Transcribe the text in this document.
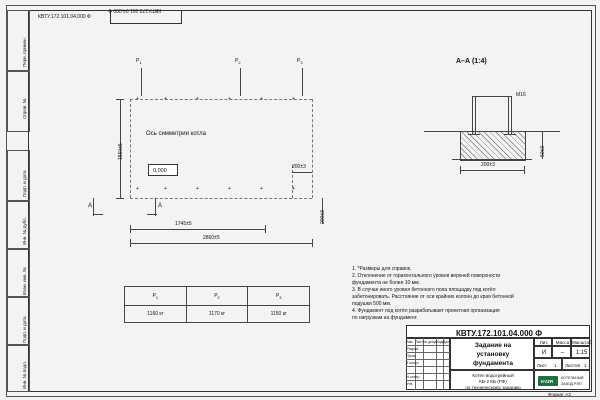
Перв. примен.
Справ. №
Подп. и дата
Инв. № дубл.
Взам. инв. №
Подп. и дата
Инв. № подл.
КВТУ.172.101.04.000 Ф
КВТУ.172.101.04.000 Ф
+	+	+	+	+	+
+	+	+	+	+	+
$Р_1$	$Р_2$	$Р_3$
Ось симметрии котла
0,000
200±3
200±3
1560±5
А	А
1745±5
2860±5
А–А (1:4)
М16
200±3
50±3
1. *Размеры для справок.
2. Отклонение от горизонтального уровня верхней поверхности
фундамента не более 10 мм.
3. В случае иного уровня бетонного пола площадку под котёл
забетонировать. Расстояние от оси крайних колонн до края бетонной
подушки 500 мм.
4. Фундамент под котёл разрабатывает проектная организация
по нагрузкам на фундамент.
$Р_1$	$Р_2$	$Р_3$
1160 кг	1170 кг	1150 кг
КВТУ.172.101.04.000 Ф
Задание на
установку
фундамента
Котел водогрейный
КВ-2 КБ (РФ)
по техническому заданию
Лит.	Масса Масштаб
И	–	1:15
Лист 1 Листов 1
KVZR
КОТЕЛЬНЫЙ
ЗАВОД РЭП
Изм. Лист № докум.
Подп.
Дата
Разраб.
Пров.
Т.контр.
Н.контр.
Утв.
Формат А3
